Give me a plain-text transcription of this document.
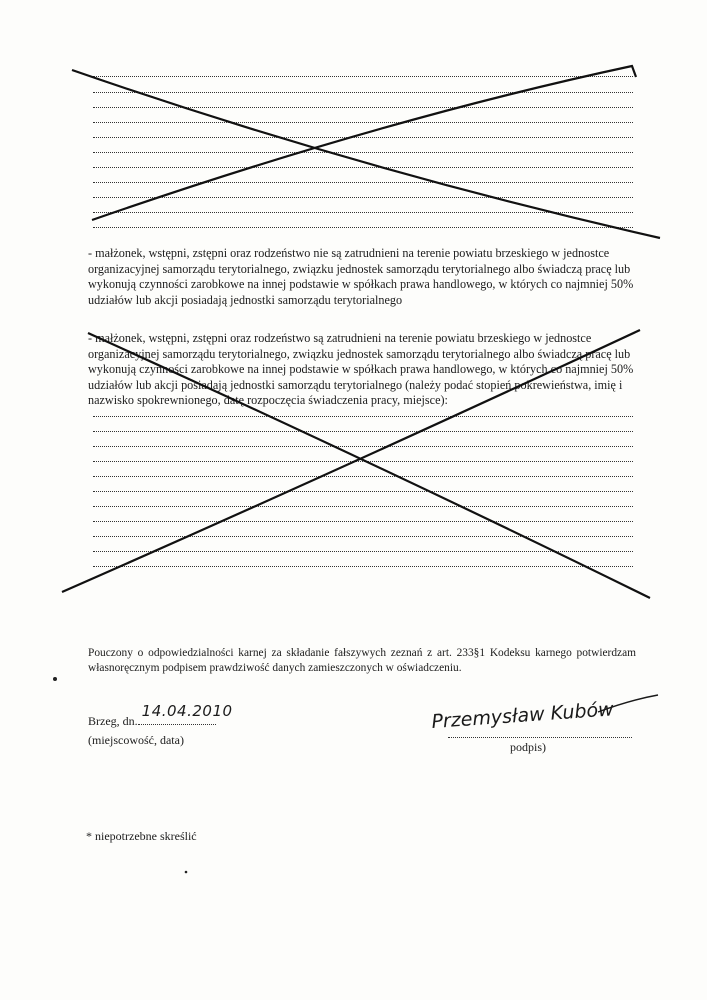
- małżonek, wstępni, zstępni oraz rodzeństwo nie są zatrudnieni na terenie powiatu brzeskiego w jednostce organizacyjnej samorządu terytorialnego, związku jednostek samorządu terytorialnego albo świadczą pracę lub wykonują czynności zarobkowe na innej podstawie w spółkach prawa handlowego, w których co najmniej 50% udziałów lub akcji posiadają jednostki samorządu terytorialnego
- małżonek, wstępni, zstępni oraz rodzeństwo są zatrudnieni na terenie powiatu brzeskiego w jednostce organizacyjnej samorządu terytorialnego, związku jednostek samorządu terytorialnego albo świadczą pracę lub wykonują czynności zarobkowe na innej podstawie w spółkach prawa handlowego, w których co najmniej 50% udziałów lub akcji posiadają jednostki samorządu terytorialnego (należy podać stopień pokrewieństwa, imię i nazwisko spokrewnionego, datę rozpoczęcia świadczenia pracy, miejsce):
Pouczony o odpowiedzialności karnej za składanie fałszywych zeznań z art. 233§1 Kodeksu karnego potwierdzam własnoręcznym podpisem prawdziwość danych zamieszczonych w oświadczeniu.
Brzeg, dn.
14.04.2010
(miejscowość, data)
Przemysław Kubów
podpis)
* niepotrzebne skreślić
